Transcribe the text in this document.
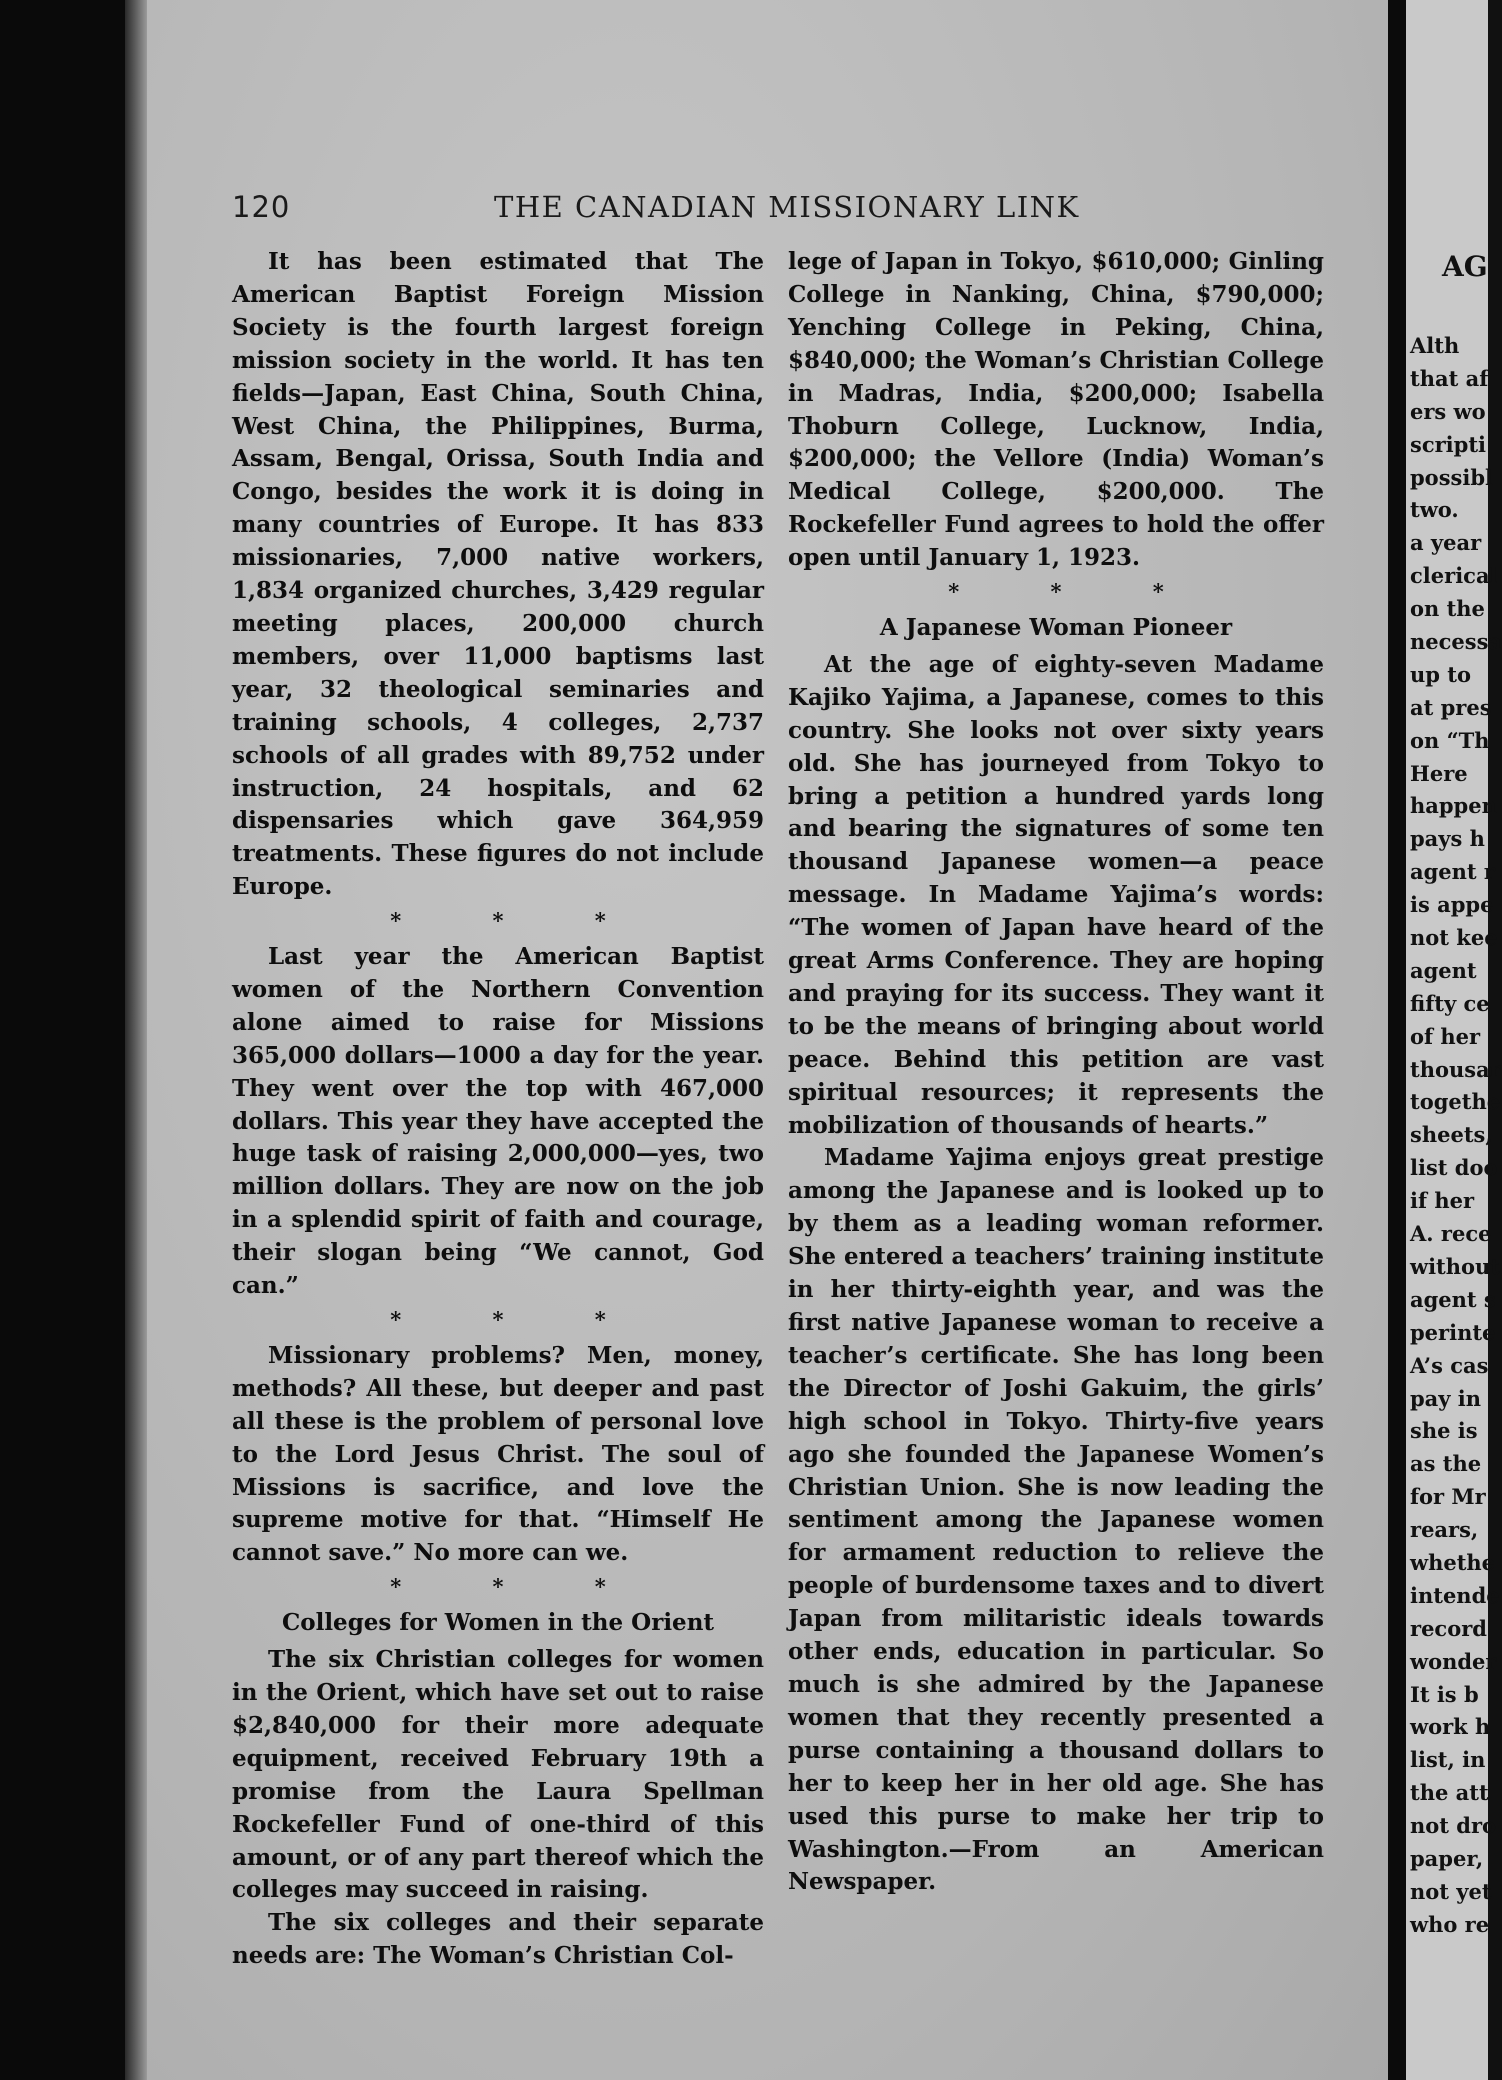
120	THE CANADIAN MISSIONARY LINK

It has been estimated that The American Baptist Foreign Mission Society is the fourth largest foreign mission society in the world. It has ten fields—Japan, East China, South China, West China, the Philippines, Burma, Assam, Bengal, Orissa, South India and Congo, besides the work it is doing in many countries of Europe. It has 833 missionaries, 7,000 native workers, 1,834 organized churches, 3,429 regular meeting places, 200,000 church members, over 11,000 baptisms last year, 32 theological seminaries and training schools, 4 colleges, 2,737 schools of all grades with 89,752 under instruction, 24 hospitals, and 62 dispensaries which gave 364,959 treatments. These figures do not include Europe.

* * *

Last year the American Baptist women of the Northern Convention alone aimed to raise for Missions 365,000 dollars—1000 a day for the year. They went over the top with 467,000 dollars. This year they have accepted the huge task of raising 2,000,000—yes, two million dollars. They are now on the job in a splendid spirit of faith and courage, their slogan being “We cannot, God can.”

* * *

Missionary problems? Men, money, methods? All these, but deeper and past all these is the problem of personal love to the Lord Jesus Christ. The soul of Missions is sacrifice, and love the supreme motive for that. “Himself He cannot save.” No more can we.

* * *
Colleges for Women in the Orient

The six Christian colleges for women in the Orient, which have set out to raise $2,840,000 for their more adequate equipment, received February 19th a promise from the Laura Spellman Rockefeller Fund of one-third of this amount, or of any part thereof which the colleges may succeed in raising.

The six colleges and their separate needs are: The Woman’s Christian Col-

lege of Japan in Tokyo, $610,000; Ginling College in Nanking, China, $790,000; Yenching College in Peking, China, $840,000; the Woman’s Christian College in Madras, India, $200,000; Isabella Thoburn College, Lucknow, India, $200,000; the Vellore (India) Woman’s Medical College, $200,000. The Rockefeller Fund agrees to hold the offer open until January 1, 1923.

* * *
A Japanese Woman Pioneer

At the age of eighty-seven Madame Kajiko Yajima, a Japanese, comes to this country. She looks not over sixty years old. She has journeyed from Tokyo to bring a petition a hundred yards long and bearing the signatures of some ten thousand Japanese women—a peace message. In Madame Yajima’s words: “The women of Japan have heard of the great Arms Conference. They are hoping and praying for its success. They want it to be the means of bringing about world peace. Behind this petition are vast spiritual resources; it represents the mobilization of thousands of hearts.”

Madame Yajima enjoys great prestige among the Japanese and is looked up to by them as a leading woman reformer. She entered a teachers’ training institute in her thirty-eighth year, and was the first native Japanese woman to receive a teacher’s certificate. She has long been the Director of Joshi Gakuim, the girls’ high school in Tokyo. Thirty-five years ago she founded the Japanese Women’s Christian Union. She is now leading the sentiment among the Japanese women for armament reduction to relieve the people of burdensome taxes and to divert Japan from militaristic ideals towards other ends, education in particular. So much is she admired by the Japanese women that they recently presented a purse containing a thousand dollars to her to keep her in her old age. She has used this purse to make her trip to Washington.—From an American Newspaper.

AG
Alth
that af
ers wo
scripti
possibl
two.
a year
clerical
on the
necessa
up to
at pres
on “Th
Here
happen
pays h
agent r
is appe
not kee
agent
fifty ce
of her
thousar
togethe
sheets,
list doo
if her
A. rece
without
agent s
perinte
A’s cas
pay in
she is
as the
for Mr
rears,
whethe
intende
record
wonder
It is b
work h
list, in
the att
not dro
paper,
not yet
who re
